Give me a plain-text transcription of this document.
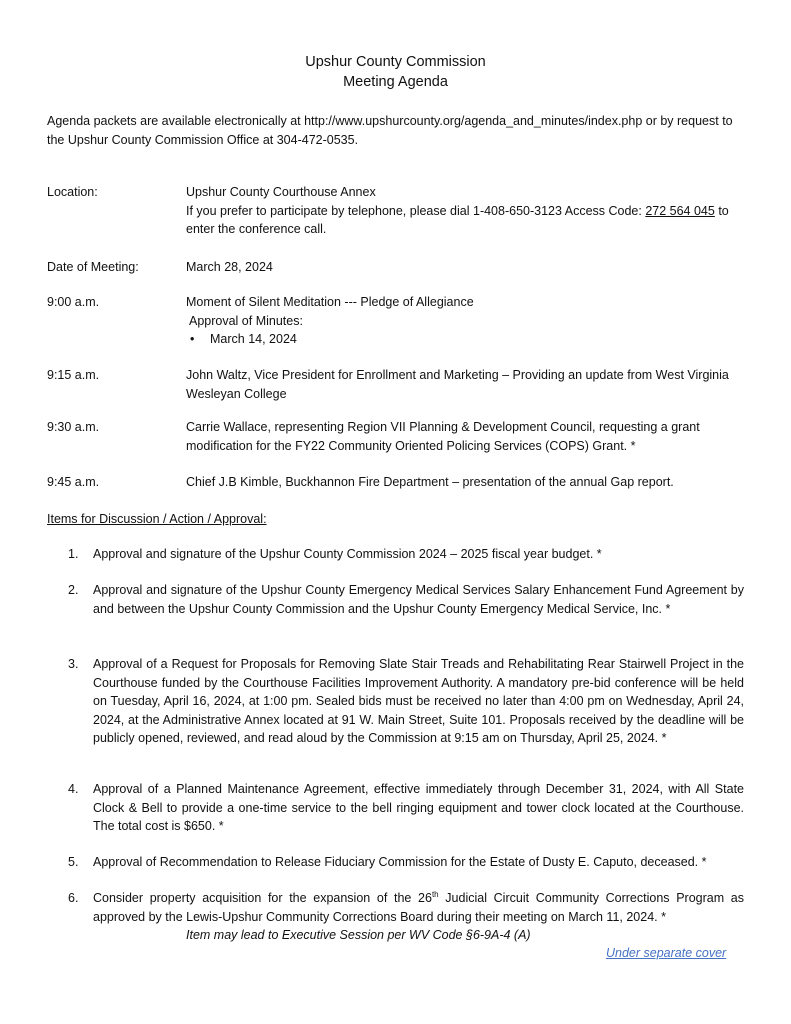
Upshur County Commission
Meeting Agenda
Agenda packets are available electronically at http://www.upshurcounty.org/agenda_and_minutes/index.php or by request to the Upshur County Commission Office at 304-472-0535.
Location:	Upshur County Courthouse Annex
If you prefer to participate by telephone, please dial 1-408-650-3123 Access Code: 272 564 045 to enter the conference call.
Date of Meeting:	March 28, 2024
9:00 a.m.	Moment of Silent Meditation --- Pledge of Allegiance
Approval of Minutes:
• March 14, 2024
9:15 a.m.	John Waltz, Vice President for Enrollment and Marketing – Providing an update from West Virginia Wesleyan College
9:30 a.m.	Carrie Wallace, representing Region VII Planning & Development Council, requesting a grant modification for the FY22 Community Oriented Policing Services (COPS) Grant. *
9:45 a.m.	Chief J.B Kimble, Buckhannon Fire Department – presentation of the annual Gap report.
Items for Discussion / Action / Approval:
1. Approval and signature of the Upshur County Commission 2024 – 2025 fiscal year budget. *
2. Approval and signature of the Upshur County Emergency Medical Services Salary Enhancement Fund Agreement by and between the Upshur County Commission and the Upshur County Emergency Medical Service, Inc. *
3. Approval of a Request for Proposals for Removing Slate Stair Treads and Rehabilitating Rear Stairwell Project in the Courthouse funded by the Courthouse Facilities Improvement Authority. A mandatory pre-bid conference will be held on Tuesday, April 16, 2024, at 1:00 pm. Sealed bids must be received no later than 4:00 pm on Wednesday, April 24, 2024, at the Administrative Annex located at 91 W. Main Street, Suite 101. Proposals received by the deadline will be publicly opened, reviewed, and read aloud by the Commission at 9:15 am on Thursday, April 25, 2024. *
4. Approval of a Planned Maintenance Agreement, effective immediately through December 31, 2024, with All State Clock & Bell to provide a one-time service to the bell ringing equipment and tower clock located at the Courthouse. The total cost is $650. *
5. Approval of Recommendation to Release Fiduciary Commission for the Estate of Dusty E. Caputo, deceased. *
6. Consider property acquisition for the expansion of the 26th Judicial Circuit Community Corrections Program as approved by the Lewis-Upshur Community Corrections Board during their meeting on March 11, 2024. *
Item may lead to Executive Session per WV Code §6-9A-4 (A)
Under separate cover
